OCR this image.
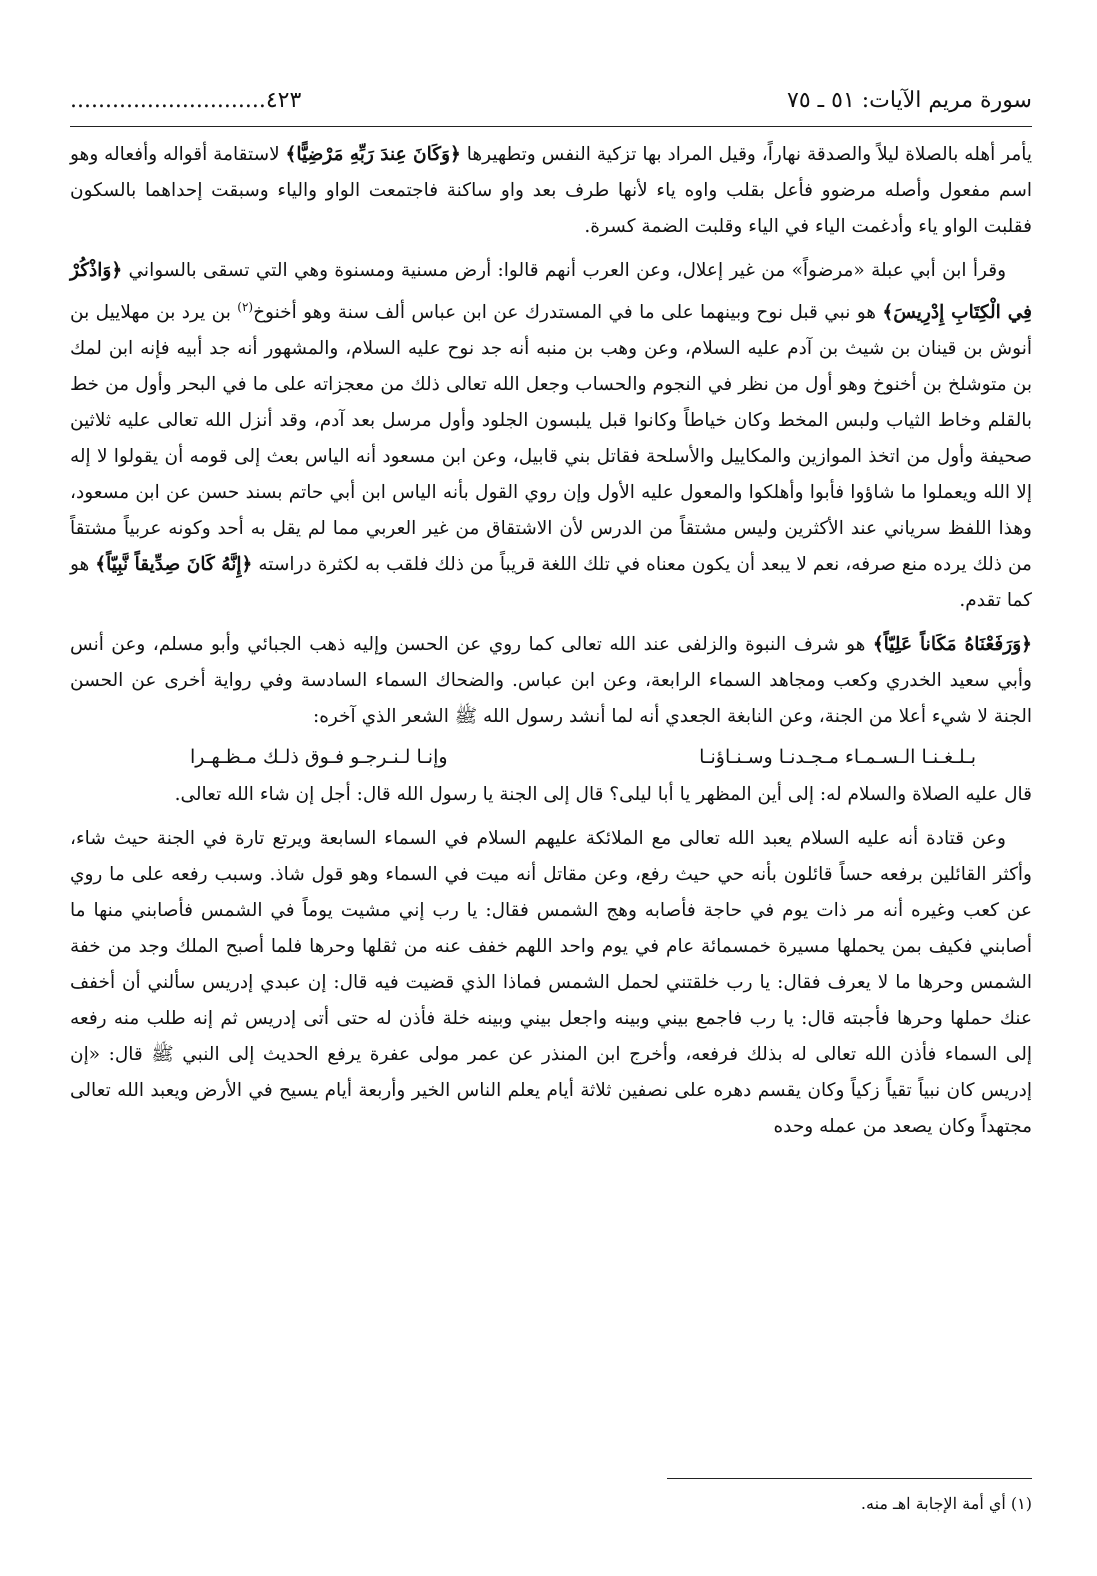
سورة مريم الآيات: ٥١ ـ ٧٥
٤٢٣............................

يأمر أهله بالصلاة ليلاً والصدقة نهاراً، وقيل المراد بها تزكية النفس وتطهيرها ﴿وَكَانَ عِندَ رَبِّهِ مَرْضِيًّا﴾ لاستقامة أقواله وأفعاله وهو اسم مفعول وأصله مرضوو فأعل بقلب واوه ياء لأنها طرف بعد واو ساكنة فاجتمعت الواو والياء وسبقت إحداهما بالسكون فقلبت الواو ياء وأدغمت الياء في الياء وقلبت الضمة كسرة.

وقرأ ابن أبي عبلة «مرضواً» من غير إعلال، وعن العرب أنهم قالوا: أرض مسنية ومسنوة وهي التي تسقى بالسواني ﴿وَاذْكُرْ فِي الْكِتَابِ إِدْرِيسَ﴾ هو نبي قبل نوح وبينهما على ما في المستدرك عن ابن عباس ألف سنة وهو أخنوخ$^{(٢)}$ بن يرد بن مهلاييل بن أنوش بن قينان بن شيث بن آدم عليه السلام، وعن وهب بن منبه أنه جد نوح عليه السلام، والمشهور أنه جد أبيه فإنه ابن لمك بن متوشلخ بن أخنوخ وهو أول من نظر في النجوم والحساب وجعل الله تعالى ذلك من معجزاته على ما في البحر وأول من خط بالقلم وخاط الثياب ولبس المخط وكان خياطاً وكانوا قبل يلبسون الجلود وأول مرسل بعد آدم، وقد أنزل الله تعالى عليه ثلاثين صحيفة وأول من اتخذ الموازين والمكاييل والأسلحة فقاتل بني قابيل، وعن ابن مسعود أنه الياس بعث إلى قومه أن يقولوا لا إله إلا الله ويعملوا ما شاؤوا فأبوا وأهلكوا والمعول عليه الأول وإن روي القول بأنه الياس ابن أبي حاتم بسند حسن عن ابن مسعود، وهذا اللفظ سرياني عند الأكثرين وليس مشتقاً من الدرس لأن الاشتقاق من غير العربي مما لم يقل به أحد وكونه عربياً مشتقاً من ذلك يرده منع صرفه، نعم لا يبعد أن يكون معناه في تلك اللغة قريباً من ذلك فلقب به لكثرة دراسته ﴿إِنَّهُ كَانَ صِدِّيقاً نَّبِيّاً﴾ هو كما تقدم.

﴿وَرَفَعْنَاهُ مَكَاناً عَلِيّاً﴾ هو شرف النبوة والزلفى عند الله تعالى كما روي عن الحسن وإليه ذهب الجبائي وأبو مسلم، وعن أنس وأبي سعيد الخدري وكعب ومجاهد السماء الرابعة، وعن ابن عباس. والضحاك السماء السادسة وفي رواية أخرى عن الحسن الجنة لا شيء أعلا من الجنة، وعن النابغة الجعدي أنه لما أنشد رسول الله ﷺ الشعر الذي آخره:

بـلـغـنـا الـسـمـاء مـجـدنـا وسـنـاؤنـا
وإنـا لـنـرجـو فـوق ذلـك مـظـهـرا

قال عليه الصلاة والسلام له: إلى أين المظهر يا أبا ليلى؟ قال إلى الجنة يا رسول الله قال: أجل إن شاء الله تعالى.

وعن قتادة أنه عليه السلام يعبد الله تعالى مع الملائكة عليهم السلام في السماء السابعة ويرتع تارة في الجنة حيث شاء، وأكثر القائلين برفعه حساً قائلون بأنه حي حيث رفع، وعن مقاتل أنه ميت في السماء وهو قول شاذ. وسبب رفعه على ما روي عن كعب وغيره أنه مر ذات يوم في حاجة فأصابه وهج الشمس فقال: يا رب إني مشيت يوماً في الشمس فأصابني منها ما أصابني فكيف بمن يحملها مسيرة خمسمائة عام في يوم واحد اللهم خفف عنه من ثقلها وحرها فلما أصبح الملك وجد من خفة الشمس وحرها ما لا يعرف فقال: يا رب خلقتني لحمل الشمس فماذا الذي قضيت فيه قال: إن عبدي إدريس سألني أن أخفف عنك حملها وحرها فأجبته قال: يا رب فاجمع بيني وبينه واجعل بيني وبينه خلة فأذن له حتى أتى إدريس ثم إنه طلب منه رفعه إلى السماء فأذن الله تعالى له بذلك فرفعه، وأخرج ابن المنذر عن عمر مولى عفرة يرفع الحديث إلى النبي ﷺ قال: «إن إدريس كان نبياً تقياً زكياً وكان يقسم دهره على نصفين ثلاثة أيام يعلم الناس الخير وأربعة أيام يسيح في الأرض ويعبد الله تعالى مجتهداً وكان يصعد من عمله وحده

(١) أي أمة الإجابة اهـ منه.
